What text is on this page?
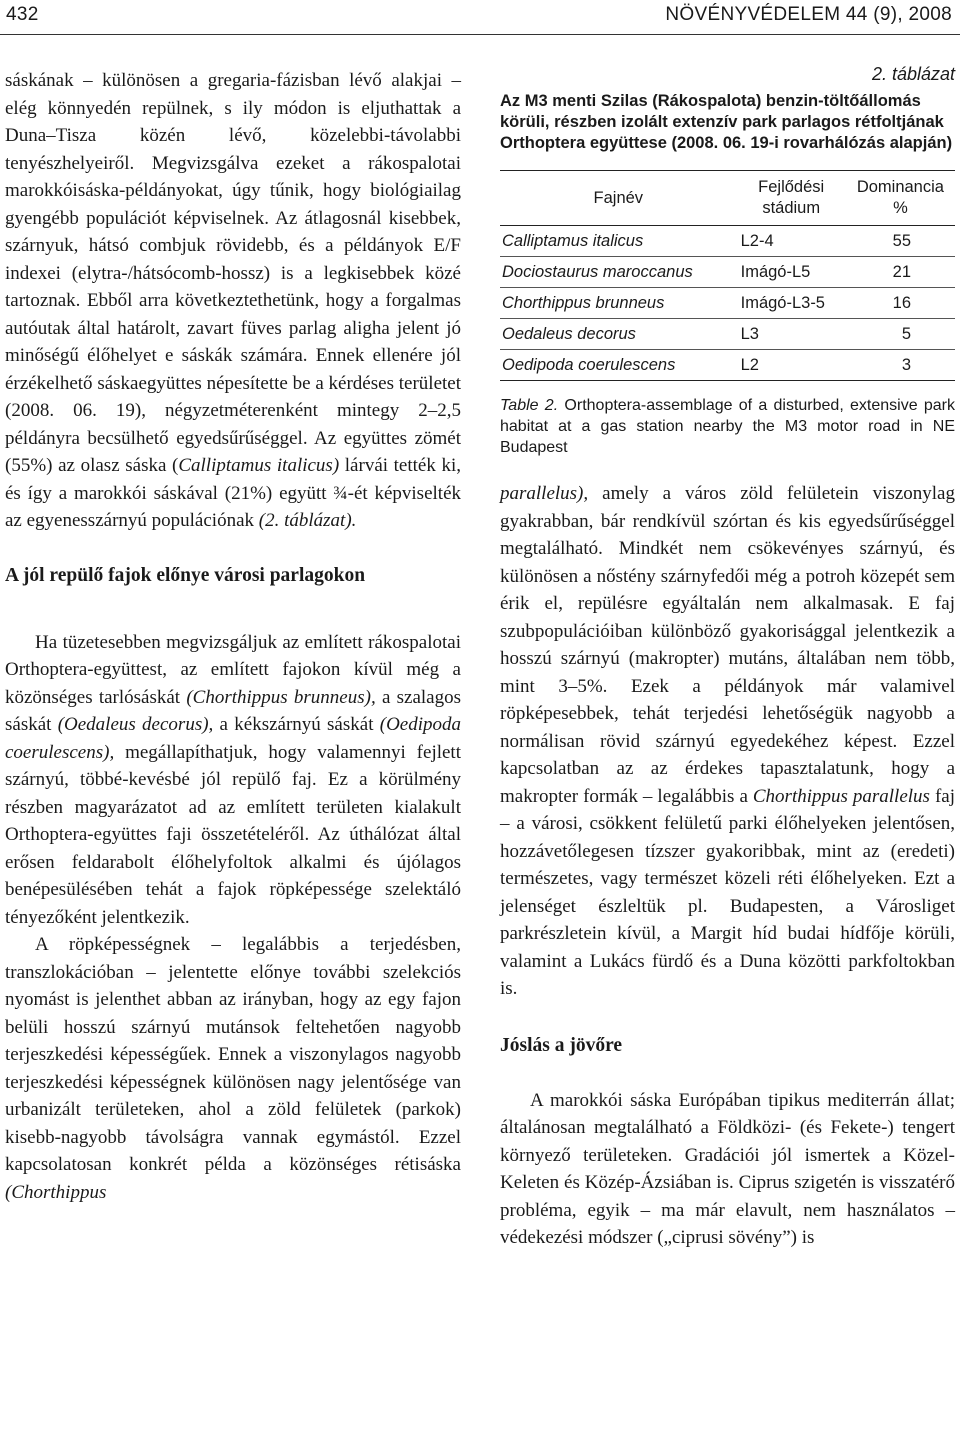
432	NÖVÉNYVÉDELEM 44 (9), 2008

sáskának – különösen a gregaria-fázisban lévő alakjai – elég könnyedén repülnek, s ily módon is eljuthattak a Duna–Tisza közén lévő, közelebbi-távolabbi tenyészhelyeiről. Megvizsgálva ezeket a rákospalotai marokkóisáska-példányokat, úgy tűnik, hogy biológiailag gyengébb populációt képviselnek. Az átlagosnál kisebbek, szárnyuk, hátsó combjuk rövidebb, és a példányok E/F indexei (elytra-/hátsócomb-hossz) is a legkisebbek közé tartoznak. Ebből arra következtethetünk, hogy a forgalmas autóutak által határolt, zavart füves parlag aligha jelent jó minőségű élőhelyet e sáskák számára. Ennek ellenére jól érzékelhető sáskaegyüttes népesítette be a kérdéses területet (2008. 06. 19), négyzetméterenként mintegy 2–2,5 példányra becsülhető egyedsűrűséggel. Az együttes zömét (55%) az olasz sáska (Calliptamus italicus) lárvái tették ki, és így a marokkói sáskával (21%) együtt ¾-ét képviselték az egyenesszárnyú populációnak (2. táblázat).

A jól repülő fajok előnye városi parlagokon

Ha tüzetesebben megvizsgáljuk az említett rákospalotai Orthoptera-együttest, az említett fajokon kívül még a közönséges tarlósáskát (Chorthippus brunneus), a szalagos sáskát (Oedaleus decorus), a kékszárnyú sáskát (Oedipoda coerulescens), megállapíthatjuk, hogy valamennyi fejlett szárnyú, többé-kevésbé jól repülő faj. Ez a körülmény részben magyarázatot ad az említett területen kialakult Orthoptera-együttes faji összetételéről. Az úthálózat által erősen feldarabolt élőhelyfoltok alkalmi és újólagos benépesülésében tehát a fajok röpképessége szelektáló tényezőként jelentkezik.

A röpképességnek – legalábbis a terjedésben, transzlokációban – jelentette előnye további szelekciós nyomást is jelenthet abban az irányban, hogy az egy fajon belüli hosszú szárnyú mutánsok feltehetően nagyobb terjeszkedési képességűek. Ennek a viszonylagos nagyobb terjeszkedési képességnek különösen nagy jelentősége van urbanizált területeken, ahol a zöld felületek (parkok) kisebb-nagyobb távolságra vannak egymástól. Ezzel kapcsolatosan konkrét példa a közönséges rétisáska (Chorthippus

2. táblázat
Az M3 menti Szilas (Rákospalota) benzin-töltőállomás körüli, részben izolált extenzív park parlagos rétfoltjának Orthoptera együttese (2008. 06. 19-i rovarhálózás alapján)
Fajnév	Fejlődési stádium	Dominancia %
Calliptamus italicus	L2-4	55
Dociostaurus maroccanus	Imágó-L5	21
Chorthippus brunneus	Imágó-L3-5	16
Oedaleus decorus	L3	5
Oedipoda coerulescens	L2	3
Table 2. Orthoptera-assemblage of a disturbed, extensive park habitat at a gas station nearby the M3 motor road in NE Budapest

parallelus), amely a város zöld felületein viszonylag gyakrabban, bár rendkívül szórtan és kis egyedsűrűséggel megtalálható. Mindkét nem csökevényes szárnyú, és különösen a nőstény szárnyfedői még a potroh közepét sem érik el, repülésre egyáltalán nem alkalmasak. E faj szubpopulációiban különböző gyakorisággal jelentkezik a hosszú szárnyú (makropter) mutáns, általában nem több, mint 3–5%. Ezek a példányok már valamivel röpképesebbek, tehát terjedési lehetőségük nagyobb a normálisan rövid szárnyú egyedekéhez képest. Ezzel kapcsolatban az az érdekes tapasztalatunk, hogy a makropter formák – legalábbis a Chorthippus parallelus faj – a városi, csökkent felületű parki élőhelyeken jelentősen, hozzávetőlegesen tízszer gyakoribbak, mint az (eredeti) természetes, vagy természet közeli réti élőhelyeken. Ezt a jelenséget észleltük pl. Budapesten, a Városliget parkrészletein kívül, a Margit híd budai hídfője körüli, valamint a Lukács fürdő és a Duna közötti parkfoltokban is.

Jóslás a jövőre

A marokkói sáska Európában tipikus mediterrán állat; általánosan megtalálható a Földközi- (és Fekete-) tengert környező területeken. Gradációi jól ismertek a Közel-Keleten és Közép-Ázsiában is. Ciprus szigetén is visszatérő probléma, egyik – ma már elavult, nem használatos – védekezési módszer („ciprusi sövény”) is
